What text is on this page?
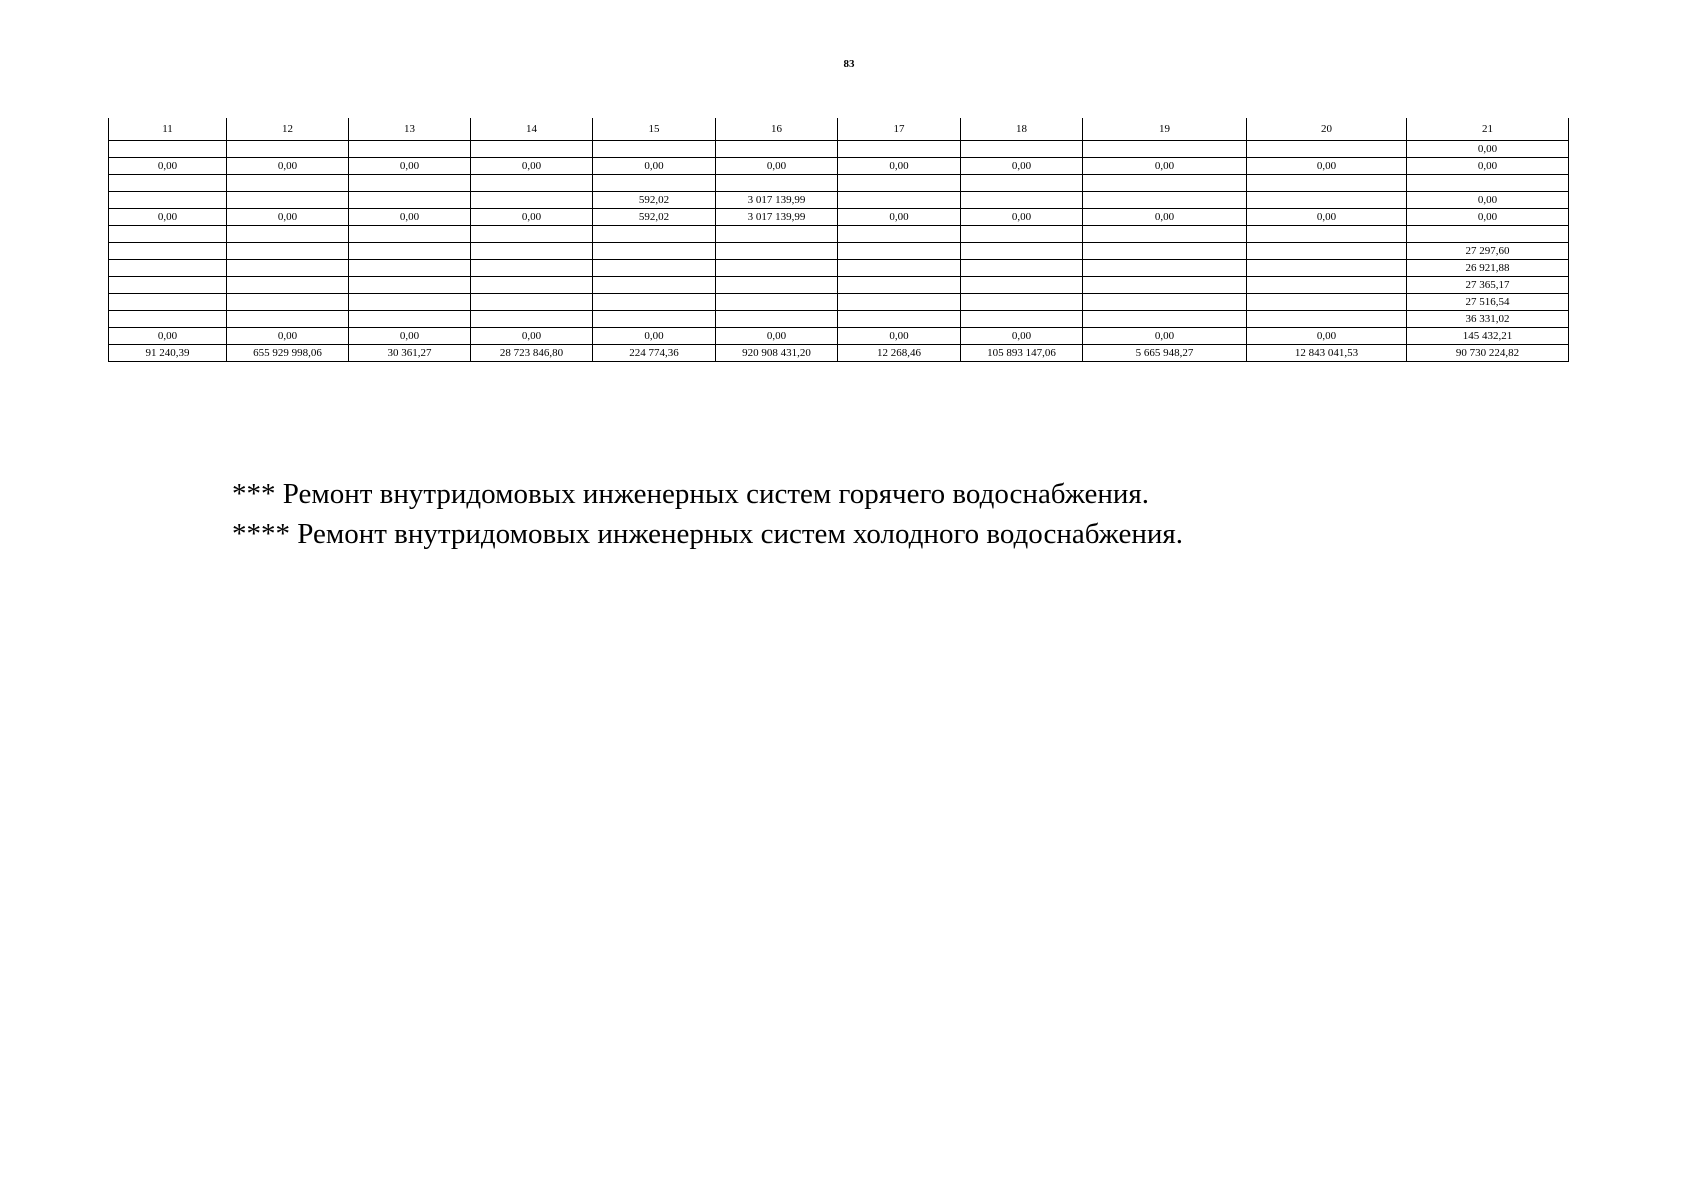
83
11	12	13	14	15	16	17	18	19	20	21
										0,00
0,00	0,00	0,00	0,00	0,00	0,00	0,00	0,00	0,00	0,00	0,00

				592,02	3 017 139,99					0,00
0,00	0,00	0,00	0,00	592,02	3 017 139,99	0,00	0,00	0,00	0,00	0,00

										27 297,60
										26 921,88
										27 365,17
										27 516,54
										36 331,02
0,00	0,00	0,00	0,00	0,00	0,00	0,00	0,00	0,00	0,00	145 432,21
91 240,39	655 929 998,06	30 361,27	28 723 846,80	224 774,36	920 908 431,20	12 268,46	105 893 147,06	5 665 948,27	12 843 041,53	90 730 224,82
*** Ремонт внутридомовых инженерных систем горячего водоснабжения.
**** Ремонт внутридомовых инженерных систем холодного водоснабжения.
